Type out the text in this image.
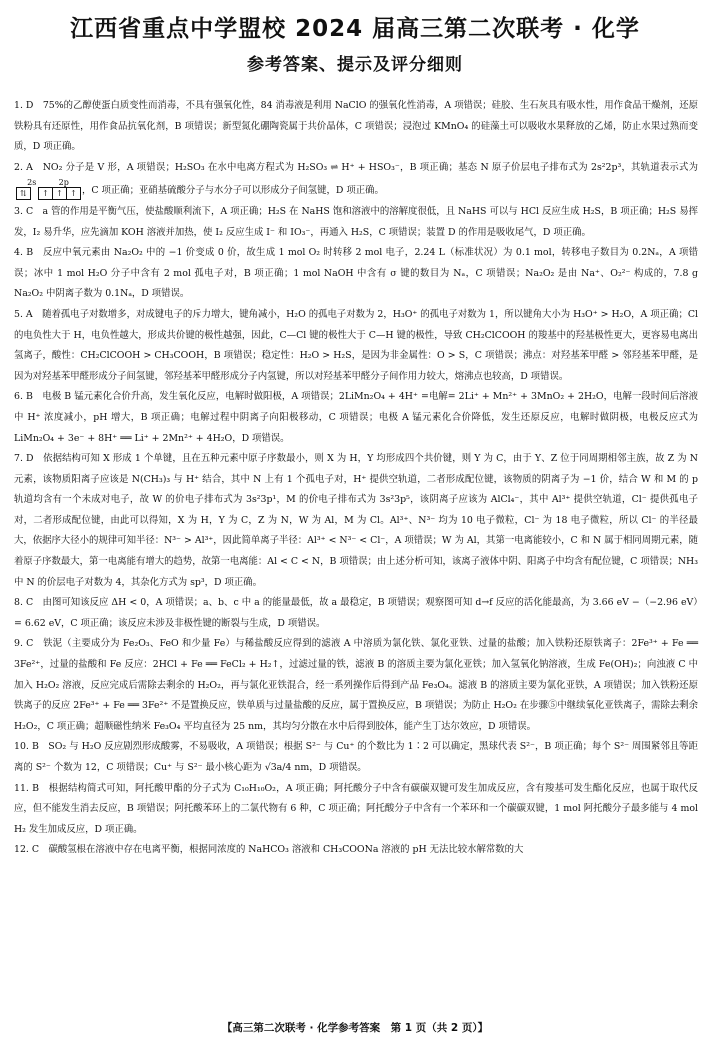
江西省重点中学盟校 2024 届高三第二次联考 · 化学
参考答案、提示及评分细则

1. D　75%的乙醇使蛋白质变性而消毒，不具有强氧化性，84 消毒液是利用 NaClO 的强氧化性消毒，A 项错误；硅胶、生石灰具有吸水性，用作食品干燥剂，还原铁粉具有还原性，用作食品抗氧化剂，B 项错误；新型氮化硼陶瓷属于共价晶体，C 项错误；浸泡过 KMnO₄ 的硅藻土可以吸收水果释放的乙烯，防止水果过熟而变质，D 项正确。

2. A　NO₂ 分子是 V 形，A 项错误；H₂SO₃ 在水中电离方程式为 H₂SO₃ ⇌ H⁺ + HSO₃⁻，B 项正确；基态 N 原子价层电子排布式为 2s²2p³，其轨道表示式为
2s	2p
⇅	↑ ↑ ↑ ，C 项正确；亚硝基硫酸分子与水分子可以形成分子间氢键，D 项正确。

3. C　a 管的作用是平衡气压，使盐酸顺利流下，A 项正确；H₂S 在 NaHS 饱和溶液中的溶解度很低，且 NaHS 可以与 HCl 反应生成 H₂S，B 项正确；H₂S 易挥发，I₂ 易升华，应先滴加 KOH 溶液并加热，使 I₂ 反应生成 I⁻ 和 IO₃⁻，再通入 H₂S，C 项错误；装置 D 的作用是吸收尾气，D 项正确。

4. B　反应中氧元素由 Na₂O₂ 中的 −1 价变成 0 价，故生成 1 mol O₂ 时转移 2 mol 电子，2.24 L（标准状况）为 0.1 mol，转移电子数目为 0.2Nₐ，A 项错误；冰中 1 mol H₂O 分子中含有 2 mol 孤电子对，B 项正确；1 mol NaOH 中含有 σ 键的数目为 Nₐ，C 项错误；Na₂O₂ 是由 Na⁺、O₂²⁻ 构成的，7.8 g Na₂O₂ 中阴离子数为 0.1Nₐ，D 项错误。

5. A　随着孤电子对数增多，对成键电子的斥力增大，键角减小，H₂O 的孤电子对数为 2，H₃O⁺ 的孤电子对数为 1，所以键角大小为 H₃O⁺ > H₂O，A 项正确；Cl 的电负性大于 H，电负性越大，形成共价键的极性越强，因此，C—Cl 键的极性大于 C—H 键的极性，导致 CH₂ClCOOH 的羧基中的羟基极性更大，更容易电离出氢离子，酸性：CH₂ClCOOH > CH₃COOH，B 项错误；稳定性：H₂O > H₂S，是因为非金属性：O > S，C 项错误；沸点：对羟基苯甲醛 > 邻羟基苯甲醛，是因为对羟基苯甲醛形成分子间氢键，邻羟基苯甲醛形成分子内氢键，所以对羟基苯甲醛分子间作用力较大，熔沸点也较高，D 项错误。

6. B　电极 B 锰元素化合价升高，发生氧化反应，电解时做阳极，A 项错误；2LiMn₂O₄ + 4H⁺ =电解= 2Li⁺ + Mn²⁺ + 3MnO₂ + 2H₂O，电解一段时间后溶液中 H⁺ 浓度减小，pH 增大，B 项正确；电解过程中阴离子向阳极移动，C 项错误；电极 A 锰元素化合价降低，发生还原反应，电解时做阴极，电极反应式为 LiMn₂O₄ + 3e⁻ + 8H⁺ ══ Li⁺ + 2Mn²⁺ + 4H₂O，D 项错误。

7. D　依据结构可知 X 形成 1 个单键，且在五种元素中原子序数最小，则 X 为 H，Y 均形成四个共价键，则 Y 为 C，由于 Y、Z 位于同周期相邻主族，故 Z 为 N 元素，该物质阳离子应该是 N(CH₃)₃ 与 H⁺ 结合，其中 N 上有 1 个孤电子对，H⁺ 提供空轨道，二者形成配位键，该物质的阴离子为 −1 价，结合 W 和 M 的 p 轨道均含有一个未成对电子，故 W 的价电子排布式为 3s²3p¹，M 的价电子排布式为 3s²3p⁵，该阴离子应该为 AlCl₄⁻，其中 Al³⁺ 提供空轨道，Cl⁻ 提供孤电子对，二者形成配位键，由此可以得知，X 为 H，Y 为 C，Z 为 N，W 为 Al，M 为 Cl。Al³⁺、N³⁻ 均为 10 电子微粒，Cl⁻ 为 18 电子微粒，所以 Cl⁻ 的半径最大，依据序大径小的规律可知半径：N³⁻ > Al³⁺，因此简单离子半径：Al³⁺ < N³⁻ < Cl⁻，A 项错误；W 为 Al，其第一电离能较小，C 和 N 属于相同周期元素，随着原子序数最大，第一电离能有增大的趋势，故第一电离能：Al < C < N，B 项错误；由上述分析可知，该离子液体中阴、阳离子中均含有配位键，C 项错误；NH₃ 中 N 的价层电子对数为 4，其杂化方式为 sp³，D 项正确。

8. C　由图可知该反应 ΔH < 0，A 项错误；a、b、c 中 a 的能量最低，故 a 最稳定，B 项错误；观察图可知 d→f 反应的活化能最高，为 3.66 eV −（−2.96 eV）= 6.62 eV，C 项正确；该反应未涉及非极性键的断裂与生成，D 项错误。

9. C　铁泥（主要成分为 Fe₂O₃、FeO 和少量 Fe）与稀盐酸反应得到的滤液 A 中溶质为氯化铁、氯化亚铁、过量的盐酸；加入铁粉还原铁离子：2Fe³⁺ + Fe ══ 3Fe²⁺，过量的盐酸和 Fe 反应：2HCl + Fe ══ FeCl₂ + H₂↑，过滤过量的铁，滤液 B 的溶质主要为氯化亚铁；加入氢氧化钠溶液，生成 Fe(OH)₂；向浊液 C 中加入 H₂O₂ 溶液，反应完成后需除去剩余的 H₂O₂，再与氯化亚铁混合，经一系列操作后得到产品 Fe₃O₄。滤液 B 的溶质主要为氯化亚铁，A 项错误；加入铁粉还原铁离子的反应 2Fe³⁺ + Fe ══ 3Fe²⁺ 不是置换反应，铁单质与过量盐酸的反应，属于置换反应，B 项错误；为防止 H₂O₂ 在步骤⑤中继续氧化亚铁离子，需除去剩余 H₂O₂，C 项正确；超顺磁性纳米 Fe₃O₄ 平均直径为 25 nm，其均匀分散在水中后得到胶体，能产生丁达尔效应，D 项错误。

10. B　SO₂ 与 H₂O 反应剧烈形成酸雾，不易吸收，A 项错误；根据 S²⁻ 与 Cu⁺ 的个数比为 1∶2 可以确定，黑球代表 S²⁻，B 项正确；每个 S²⁻ 周围紧邻且等距离的 S²⁻ 个数为 12，C 项错误；Cu⁺ 与 S²⁻ 最小核心距为 √3a/4 nm，D 项错误。

11. B　根据结构简式可知，阿托酸甲酯的分子式为 C₁₀H₁₀O₂，A 项正确；阿托酸分子中含有碳碳双键可发生加成反应，含有羧基可发生酯化反应，也属于取代反应，但不能发生消去反应，B 项错误；阿托酸苯环上的二氯代物有 6 种，C 项正确；阿托酸分子中含有一个苯环和一个碳碳双键，1 mol 阿托酸分子最多能与 4 mol H₂ 发生加成反应，D 项正确。

12. C　碳酸氢根在溶液中存在电离平衡，根据同浓度的 NaHCO₃ 溶液和 CH₃COONa 溶液的 pH 无法比较水解常数的大

【高三第二次联考 · 化学参考答案　第 1 页（共 2 页）】
